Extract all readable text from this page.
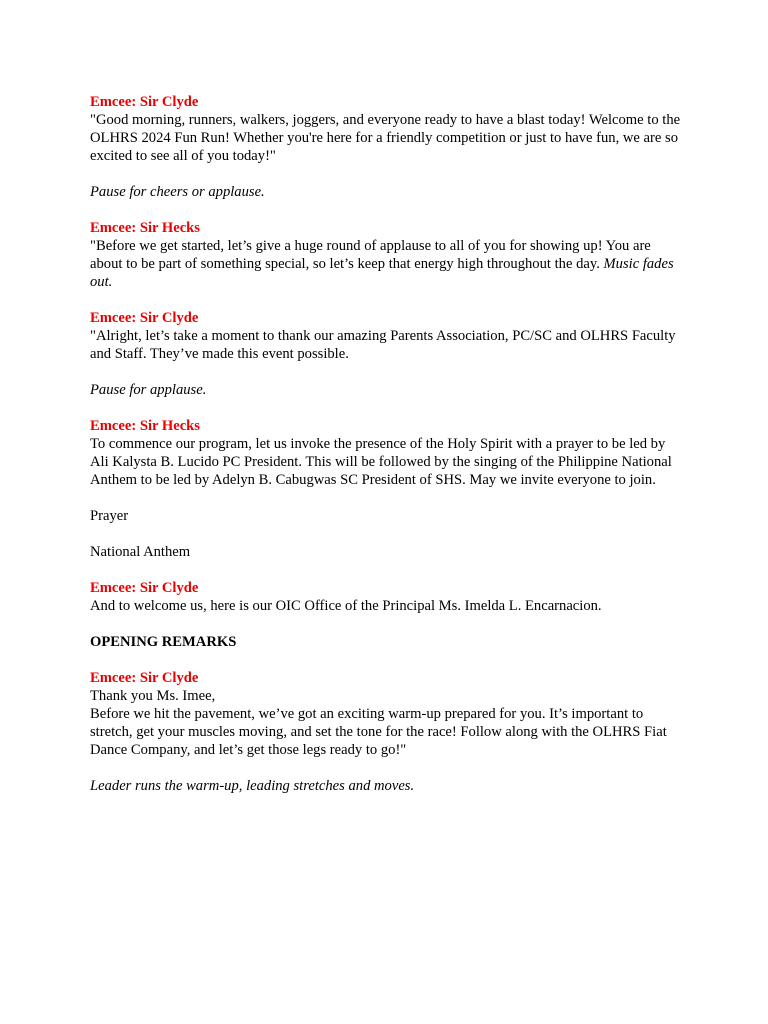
Emcee: Sir Clyde
"Good morning, runners, walkers, joggers, and everyone ready to have a blast today! Welcome to the OLHRS 2024 Fun Run! Whether you're here for a friendly competition or just to have fun, we are so excited to see all of you today!"
Pause for cheers or applause.
Emcee: Sir Hecks
"Before we get started, let’s give a huge round of applause to all of you for showing up! You are about to be part of something special, so let’s keep that energy high throughout the day. Music fades out.
Emcee: Sir Clyde
"Alright, let’s take a moment to thank our amazing Parents Association, PC/SC and OLHRS Faculty and Staff. They’ve made this event possible.
Pause for applause.
Emcee: Sir Hecks
To commence our program, let us invoke the presence of the Holy Spirit with a prayer to be led by Ali Kalysta B. Lucido PC President. This will be followed by the singing of the Philippine National Anthem to be led by Adelyn B. Cabugwas SC President of SHS. May we invite everyone to join.
Prayer
National Anthem
Emcee: Sir Clyde
And to welcome us, here is our OIC Office of the Principal Ms. Imelda L. Encarnacion.
OPENING REMARKS
Emcee: Sir Clyde
Thank you Ms. Imee,
Before we hit the pavement, we’ve got an exciting warm-up prepared for you. It’s important to stretch, get your muscles moving, and set the tone for the race! Follow along with the OLHRS Fiat Dance Company, and let’s get those legs ready to go!"
Leader runs the warm-up, leading stretches and moves.
